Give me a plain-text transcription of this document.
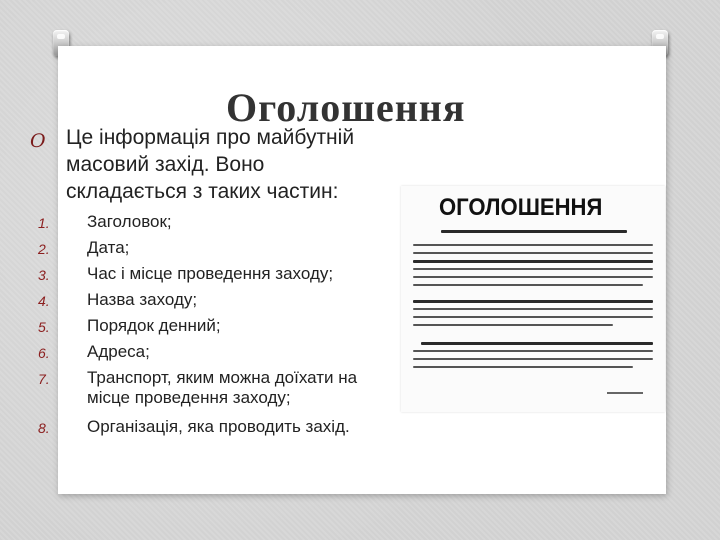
Оголошення
O Це інформація про майбутній
масовий захід. Воно
складається з таких частин:
1. Заголовок;
2. Дата;
3. Час і місце проведення заходу;
4. Назва заходу;
5. Порядок денний;
6. Адреса;
7. Транспорт, яким можна доїхати на
місце проведення заходу;
8. Організація, яка проводить захід.
ОГОЛОШЕННЯ
